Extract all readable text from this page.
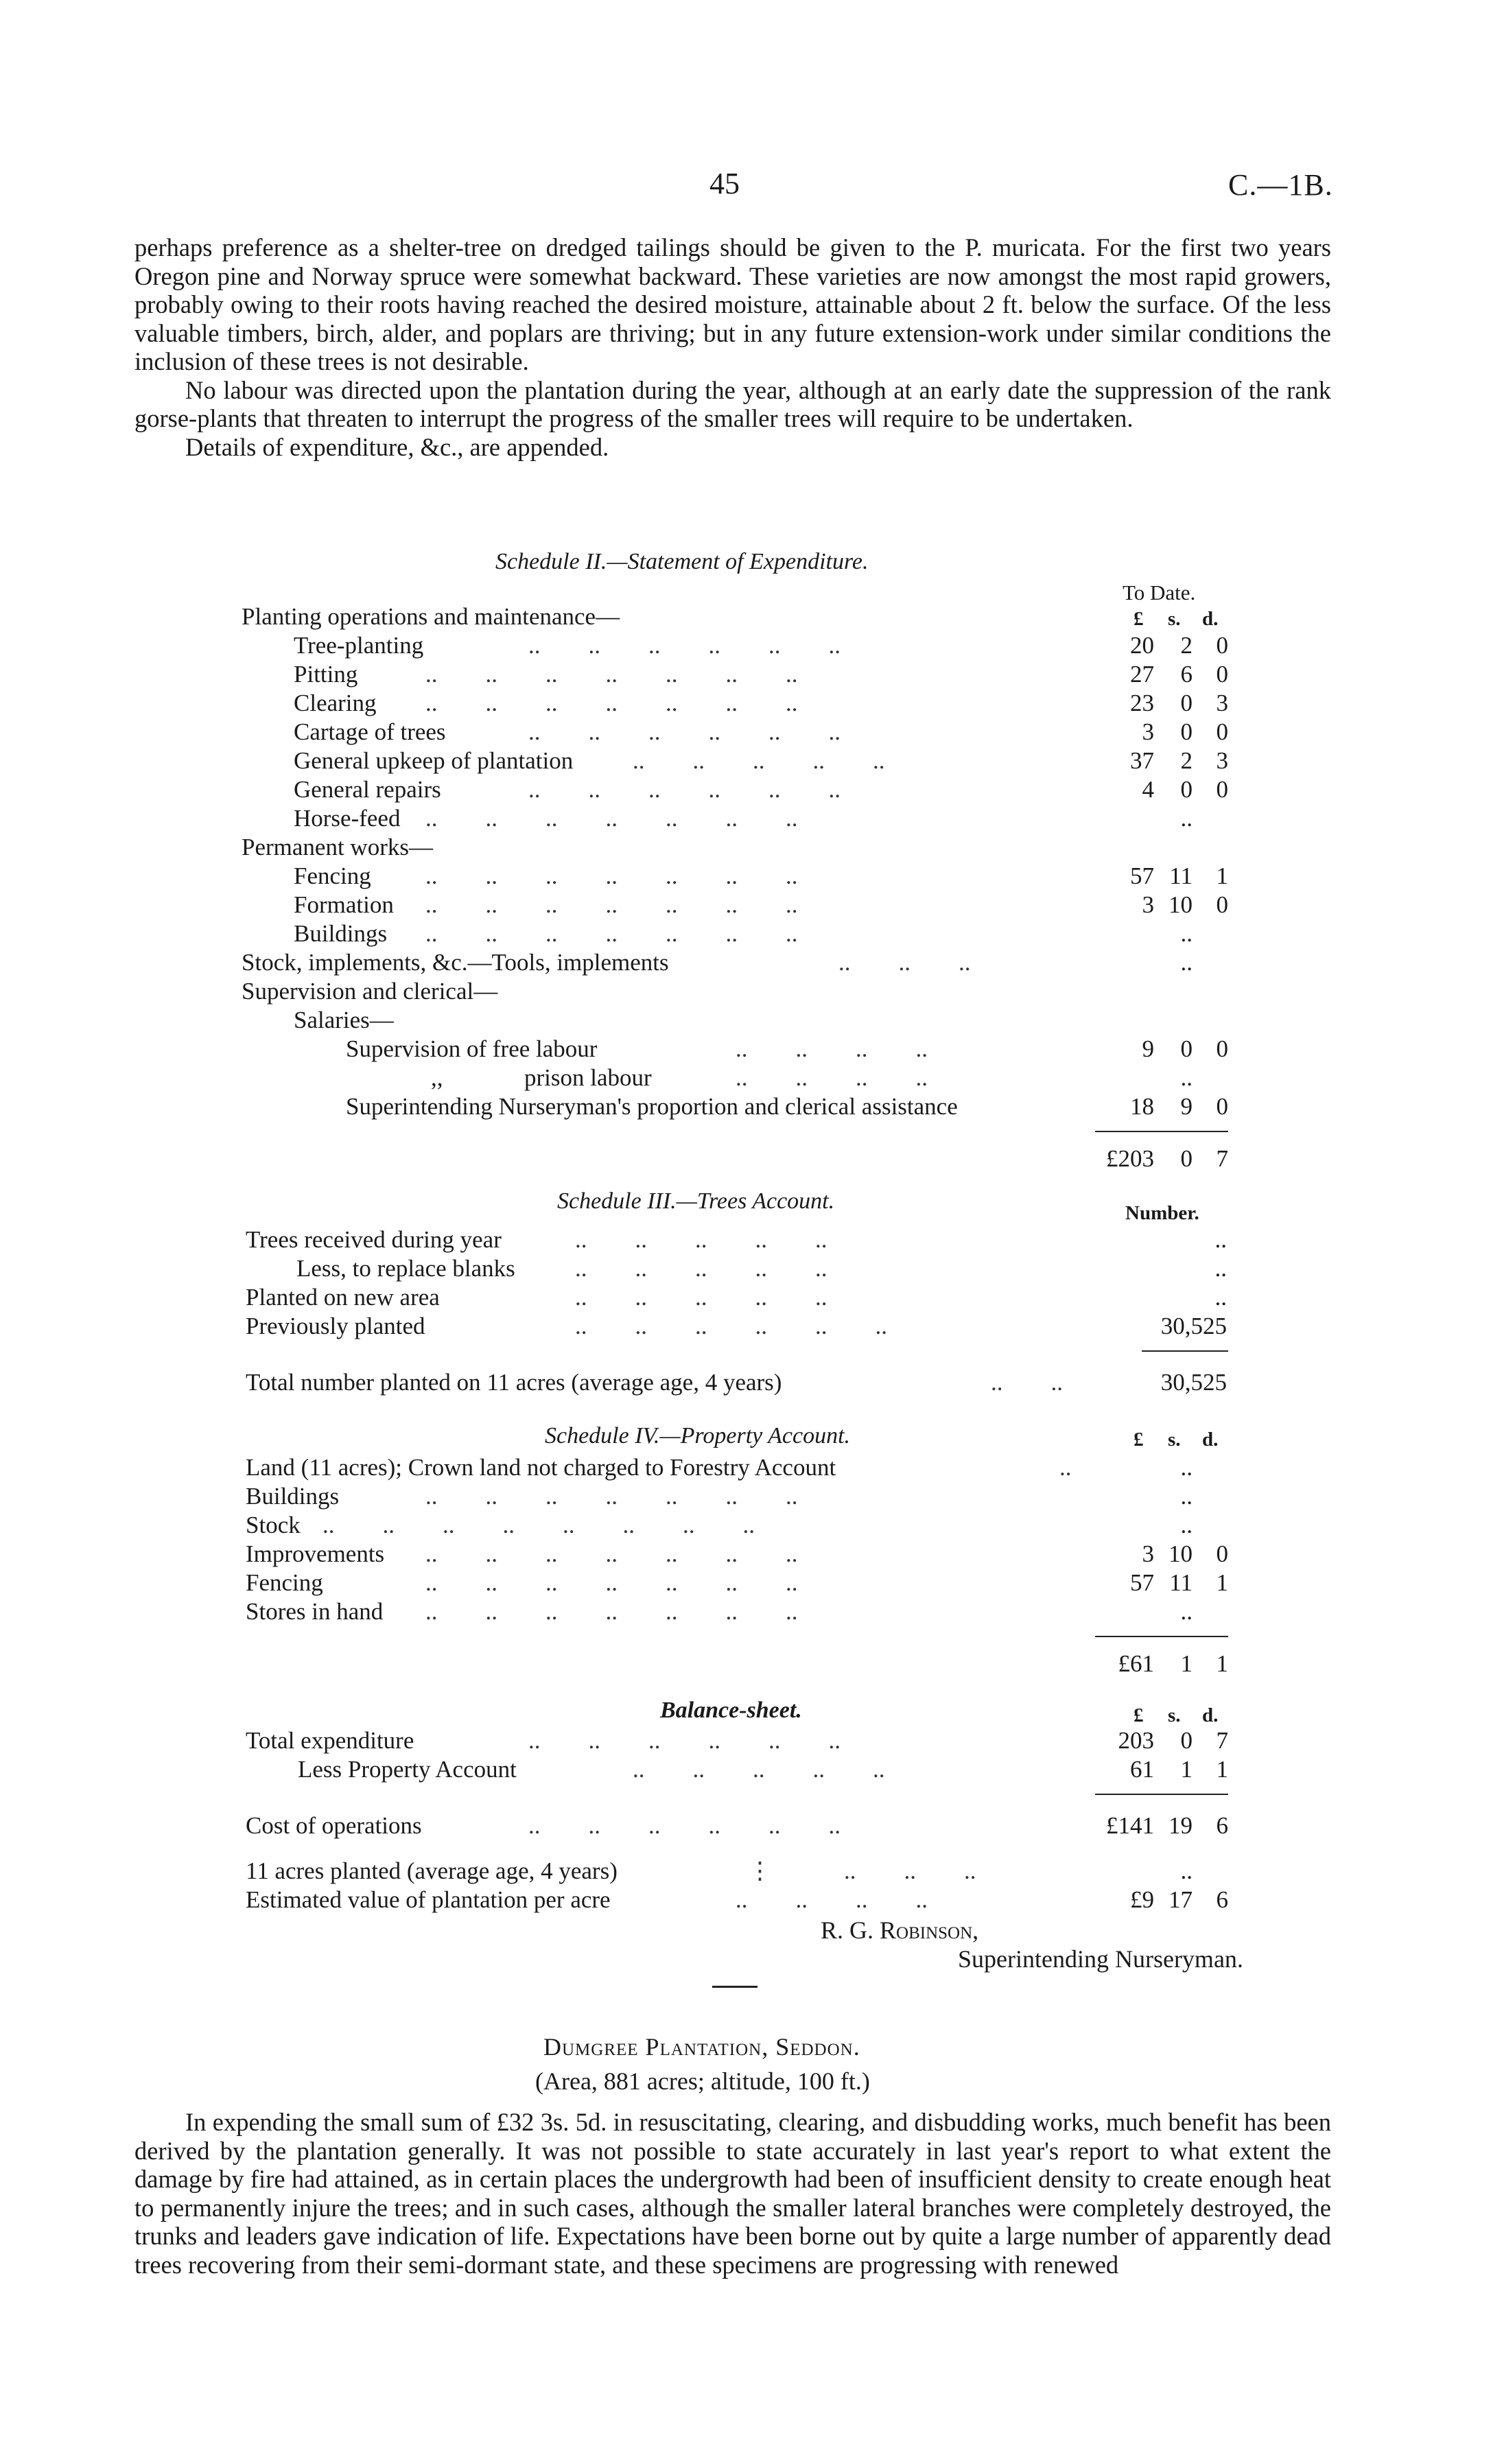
45	C.—1B.

perhaps preference as a shelter-tree on dredged tailings should be given to the P. muricata. For the first two years Oregon pine and Norway spruce were somewhat backward. These varieties are now amongst the most rapid growers, probably owing to their roots having reached the desired moisture, attainable about 2 ft. below the surface. Of the less valuable timbers, birch, alder, and poplars are thriving; but in any future extension-work under similar conditions the inclusion of these trees is not desirable.

No labour was directed upon the plantation during the year, although at an early date the suppression of the rank gorse-plants that threaten to interrupt the progress of the smaller trees will require to be undertaken.

Details of expenditure, &c., are appended.

Schedule II.—Statement of Expenditure.
To Date.
£ s. d.
Planting operations and maintenance—
Tree-planting	..  ..  ..  ..  ..  ..	20	2 0
Pitting	..  ..  ..  ..  ..  ..  ..	27	6 0
Clearing ..  ..  ..  ..  ..  ..  ..	23	0 3
Cartage of trees	..  ..  ..  ..  ..  ..	3	0 0
General upkeep of plantation ..  ..  ..  ..  ..	37	2 3
General repairs	..  ..  ..  ..  ..  ..	4	0 0
Horse-feed ..  ..  ..  ..  ..  ..  ..	..
Permanent works—
Fencing ..  ..  ..  ..  ..  ..  ..	57 11 1
Formation ..  ..  ..  ..  ..  ..  ..	3 10 0
Buildings ..  ..  ..  ..  ..  ..  ..	..
Stock, implements, &c.—Tools, implements	..  ..  ..	..
Supervision and clerical—
Salaries—
Supervision of free labour	..  ..  ..  ..	9	0 0
,,	prison labour	..  ..  ..  ..	..
Superintending Nurseryman's proportion and clerical assistance	18	9 0
£203	0 7
Schedule III.—Trees Account.	Number.
Trees received during year	..  ..  ..  ..  ..	..
Less, to replace blanks ..  ..  ..  ..  ..	..
Planted on new area	..  ..  ..  ..  ..	..
Previously planted	..  ..  ..  ..  ..  ..	30,525
Total number planted on 11 acres (average age, 4 years)	..  ..	30,525
Schedule IV.—Property Account.	£ s. d.
Land (11 acres); Crown land not charged to Forestry Account	..	..
Buildings	..  ..  ..  ..  ..  ..  ..	..
Stock ..  ..  ..  ..  ..  ..  ..  ..	..
Improvements ..  ..  ..  ..  ..  ..  ..	3 10 0
Fencing	..  ..  ..  ..  ..  ..  ..	57 11 1
Stores in hand ..  ..  ..  ..  ..  ..  ..	..
£61	1 1
Balance-sheet.	£ s. d.
Total expenditure	..  ..  ..  ..  ..  ..	203	0 7
Less Property Account	..  ..  ..  ..  ..	61	1 1
Cost of operations	..  ..  ..  ..  ..  ..	£141 19 6
11 acres planted (average age, 4 years)	⋮   ..  ..  ..	..
Estimated value of plantation per acre	..  ..  ..  ..	£9 17 6
R. G. Robinson,
Superintending Nurseryman.
Dumgree Plantation, Seddon.
(Area, 881 acres; altitude, 100 ft.)

In expending the small sum of £32 3s. 5d. in resuscitating, clearing, and disbudding works, much benefit has been derived by the plantation generally. It was not possible to state accurately in last year's report to what extent the damage by fire had attained, as in certain places the undergrowth had been of insufficient density to create enough heat to permanently injure the trees; and in such cases, although the smaller lateral branches were completely destroyed, the trunks and leaders gave indication of life. Expectations have been borne out by quite a large number of apparently dead trees recovering from their semi-dormant state, and these specimens are progressing with renewed
